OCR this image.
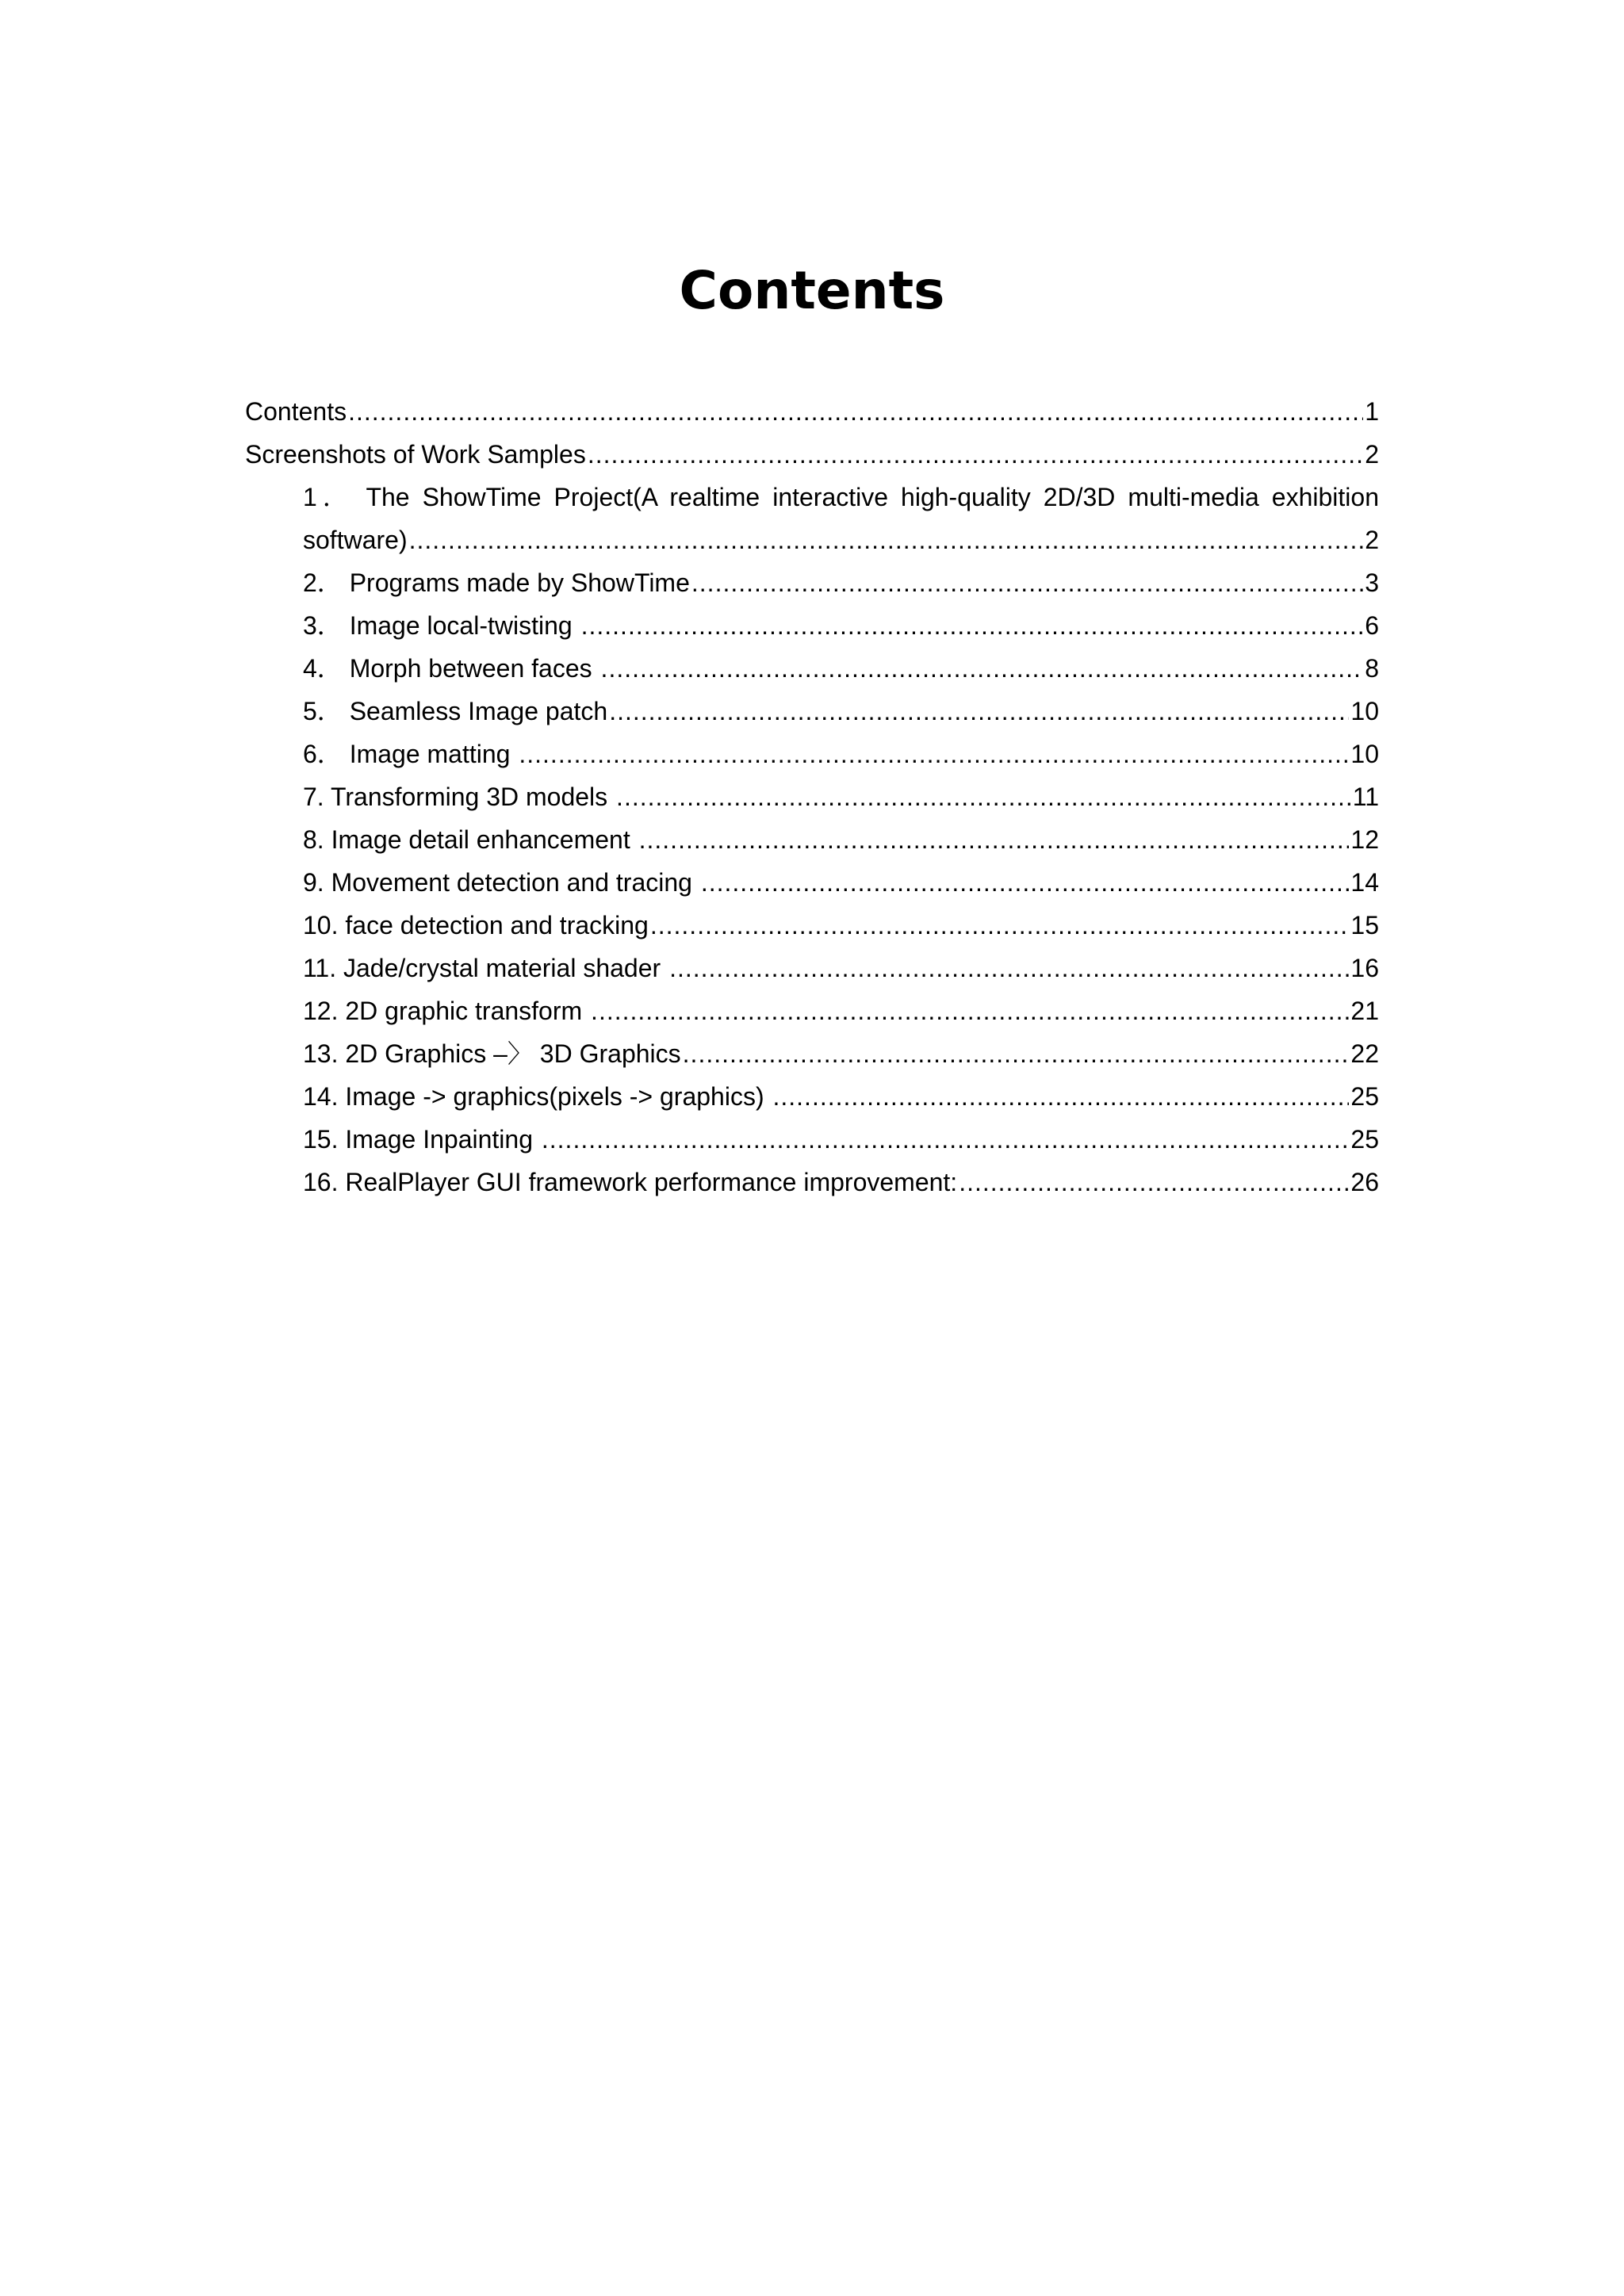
Contents
Contents .....	1
Screenshots of Work Samples .....	2
1． The ShowTime Project(A realtime interactive high-quality 2D/3D multi-media exhibition
software) .....	2
2． Programs made by ShowTime .....	3
3． Image local-twisting .....	6
4． Morph between faces .....	8
5． Seamless Image patch .....	10
6． Image matting .....	10
7. Transforming 3D models .....	11
8. Image detail enhancement .....	12
9. Movement detection and tracing .....	14
10. face detection and tracking .....	15
11. Jade/crystal material shader .....	16
12. 2D graphic transform .....	21
13. 2D Graphics –〉 3D Graphics .....	22
14. Image -> graphics(pixels -> graphics) .....	25
15. Image Inpainting .....	25
16. RealPlayer GUI framework performance improvement: .....	26
